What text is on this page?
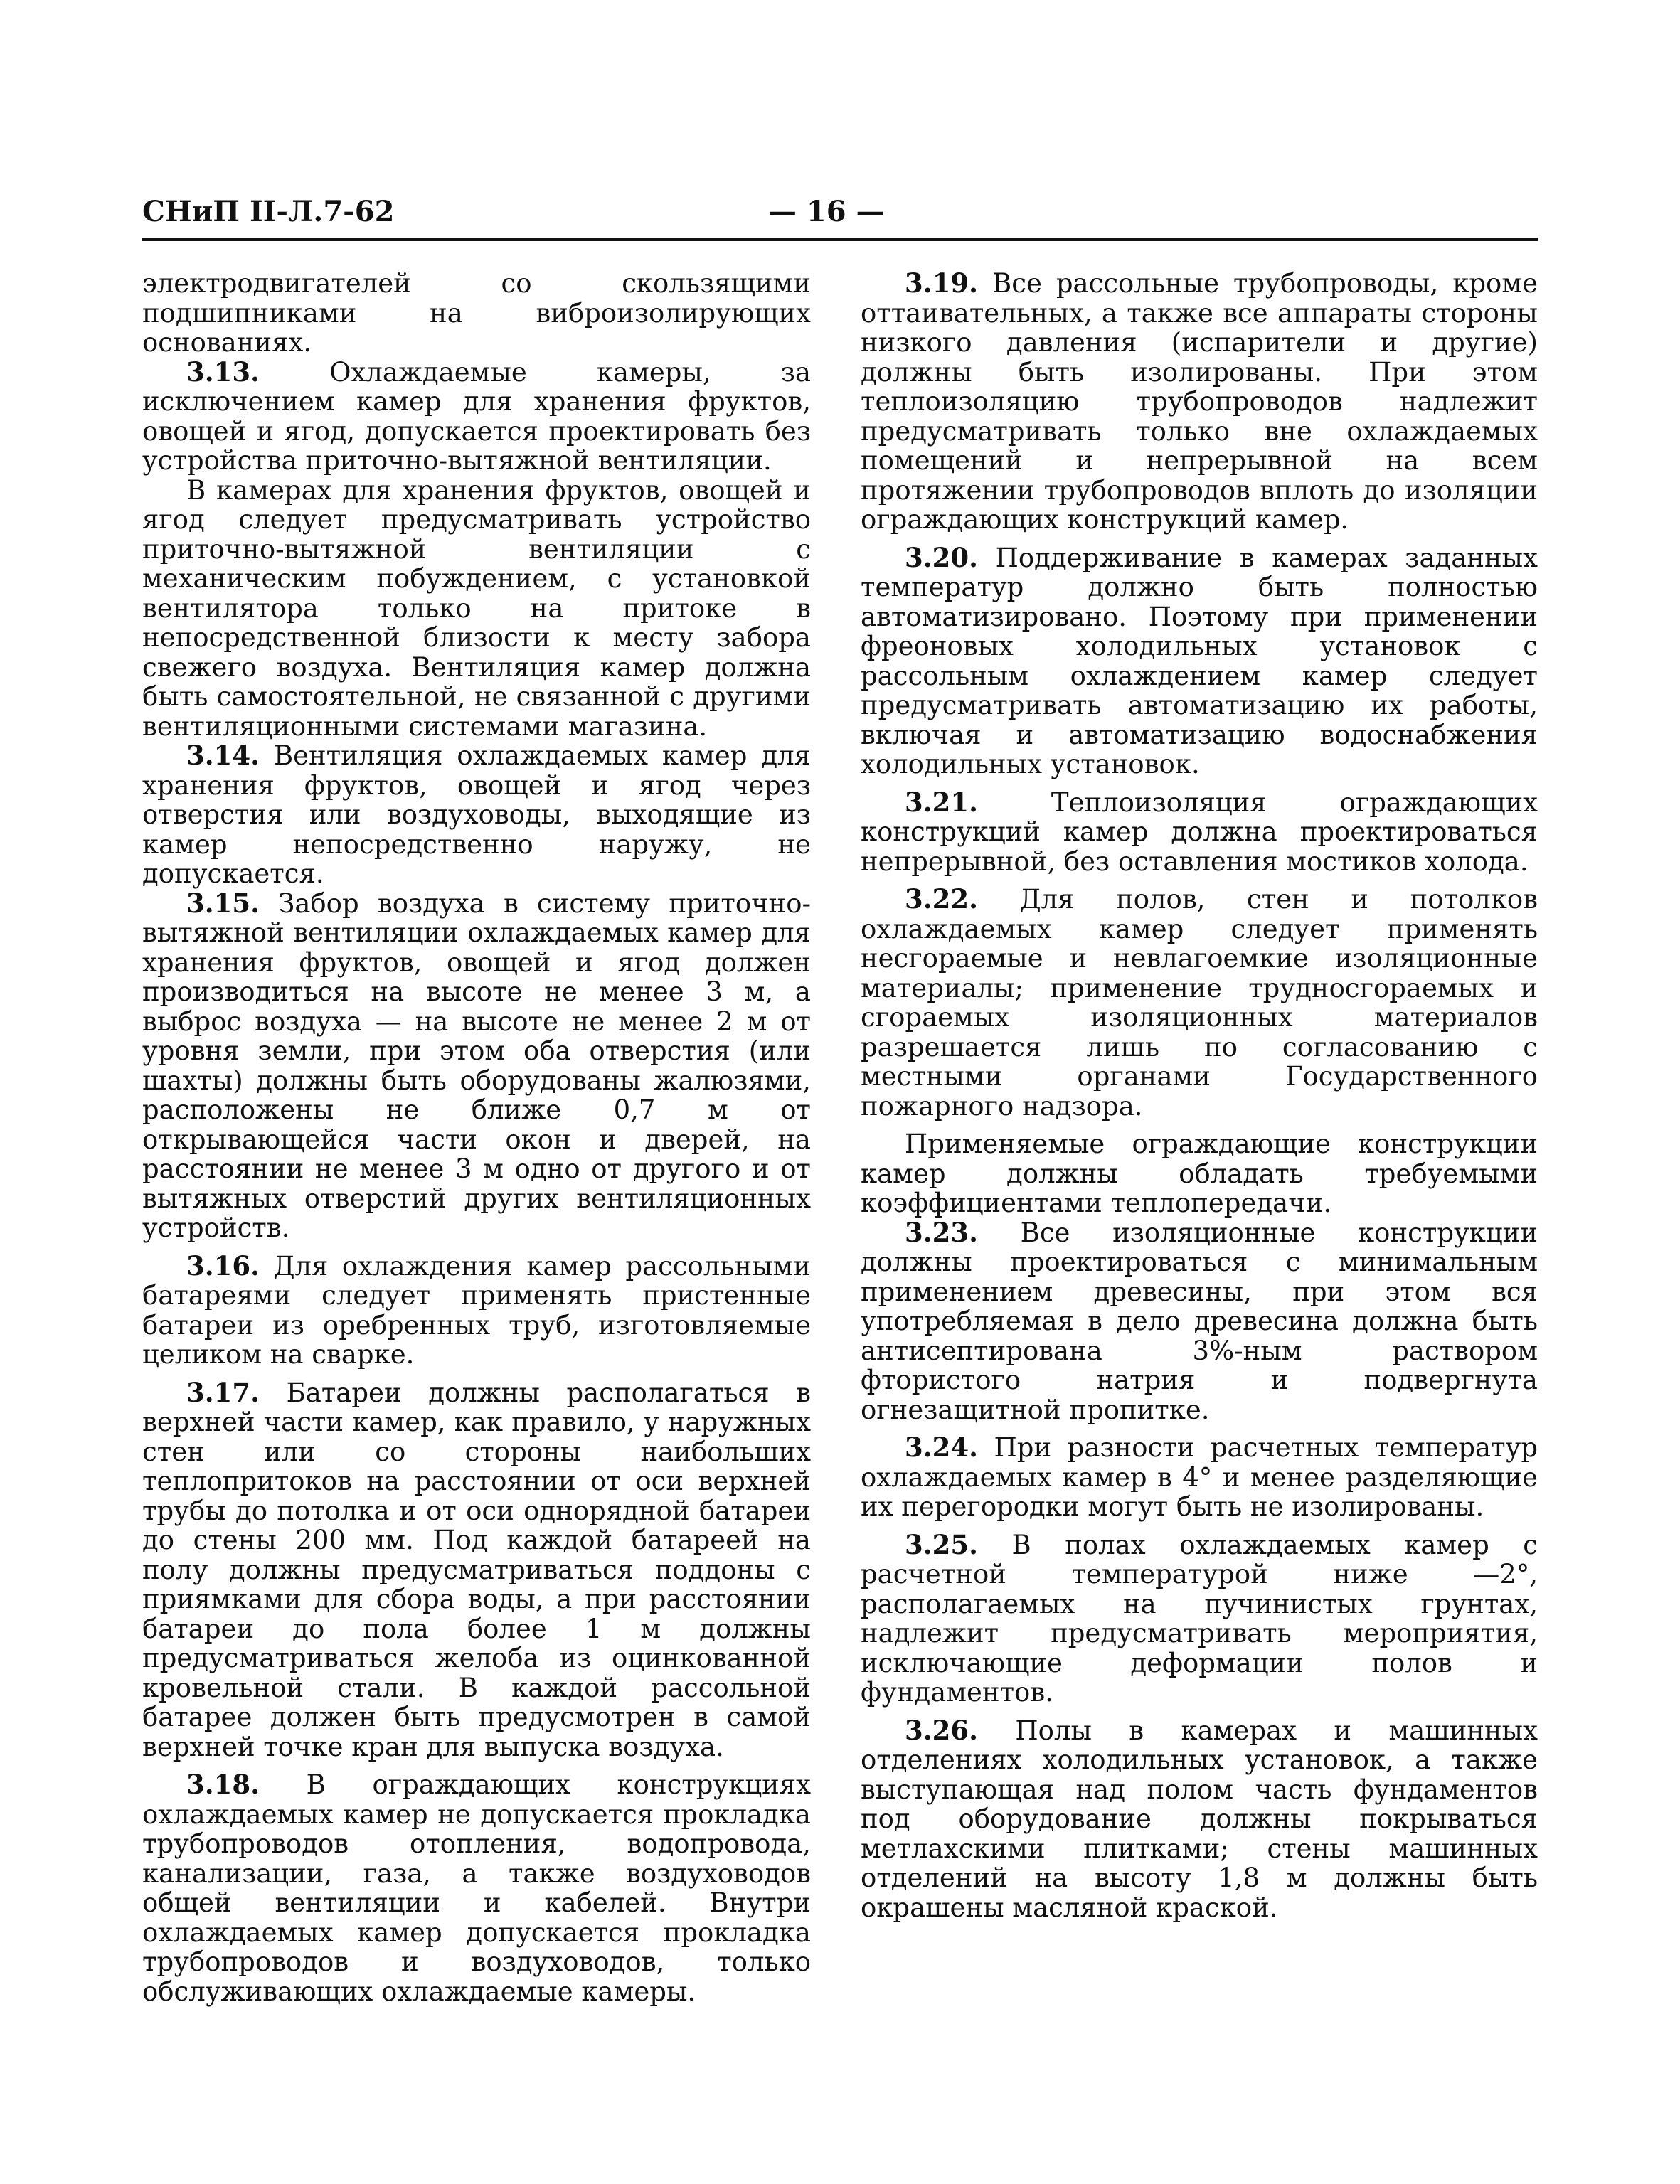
СНиП II-Л.7-62	— 16 —

электродвигателей со скользящими подшипниками на виброизолирующих основаниях.

3.13.	Охлаждаемые камеры, за исключением камер для хранения фруктов, овощей и ягод, допускается проектировать без устройства приточно-вытяжной вентиляции.

В камерах для хранения фруктов, овощей и ягод следует предусматривать устройство приточно-вытяжной вентиляции с механическим побуждением, с установкой вентилятора только на притоке в непосредственной близости к месту забора свежего воздуха. Вентиляция камер должна быть самостоятельной, не связанной с другими вентиляционными системами магазина.

3.14. Вентиляция охлаждаемых камер для хранения фруктов, овощей и ягод через отверстия или воздуховоды, выходящие из камер непосредственно наружу, не допускается.

3.15. Забор воздуха в систему приточно-вытяжной вентиляции охлаждаемых камер для хранения фруктов, овощей и ягод должен производиться на высоте не менее 3 м, а выброс воздуха — на высоте не менее 2 м от уровня земли, при этом оба отверстия (или шахты) должны быть оборудованы жалюзями, расположены не ближе 0,7 м от открывающейся части окон и дверей, на расстоянии не менее 3 м одно от другого и от вытяжных отверстий других вентиляционных устройств.

3.16. Для охлаждения камер рассольными батареями следует применять пристенные батареи из оребренных труб, изготовляемые целиком на сварке.

3.17. Батареи должны располагаться в верхней части камер, как правило, у наружных стен или со стороны наибольших теплопритоков на расстоянии от оси верхней трубы до потолка и от оси однорядной батареи до стены 200 мм. Под каждой батареей на полу должны предусматриваться поддоны с приямками для сбора воды, а при расстоянии батареи до пола более 1 м должны предусматриваться желоба из оцинкованной кровельной стали. В каждой рассольной батарее должен быть предусмотрен в самой верхней точке кран для выпуска воздуха.

3.18. В ограждающих конструкциях охлаждаемых камер не допускается прокладка трубопроводов отопления, водопровода, канализации, газа, а также воздуховодов общей вентиляции и кабелей. Внутри охлаждаемых камер допускается прокладка трубопроводов и воздуховодов, только обслуживающих охлаждаемые камеры.

3.19. Все рассольные трубопроводы, кроме оттаивательных, а также все аппараты стороны низкого давления (испарители и другие) должны быть изолированы. При этом теплоизоляцию трубопроводов надлежит предусматривать только вне охлаждаемых помещений и непрерывной на всем протяжении трубопроводов вплоть до изоляции ограждающих конструкций камер.

3.20. Поддерживание в камерах заданных температур должно быть полностью автоматизировано. Поэтому при применении фреоновых холодильных установок с рассольным охлаждением камер следует предусматривать автоматизацию их работы, включая и автоматизацию водоснабжения холодильных установок.

3.21.	Теплоизоляция ограждающих конструкций камер должна проектироваться непрерывной, без оставления мостиков холода.

3.22. Для полов, стен и потолков охлаждаемых камер следует применять несгораемые и невлагоемкие изоляционные материалы; применение трудносгораемых и сгораемых изоляционных материалов разрешается лишь по согласованию с местными органами Государственного пожарного надзора.

Применяемые ограждающие конструкции камер должны обладать требуемыми коэффициентами теплопередачи.

3.23. Все изоляционные конструкции должны проектироваться с минимальным применением древесины, при этом вся употребляемая в дело древесина должна быть антисептирована 3%-ным раствором фтористого натрия и подвергнута огнезащитной пропитке.

3.24. При разности расчетных температур охлаждаемых камер в 4° и менее разделяющие их перегородки могут быть не изолированы.

3.25. В полах охлаждаемых камер с расчетной температурой ниже —2°, располагаемых на пучинистых грунтах, надлежит предусматривать мероприятия, исключающие деформации полов и фундаментов.

3.26. Полы в камерах и машинных отделениях холодильных установок, а также выступающая над полом часть фундаментов под оборудование должны покрываться метлахскими плитками; стены машинных отделений на высоту 1,8 м должны быть окрашены масляной краской.
